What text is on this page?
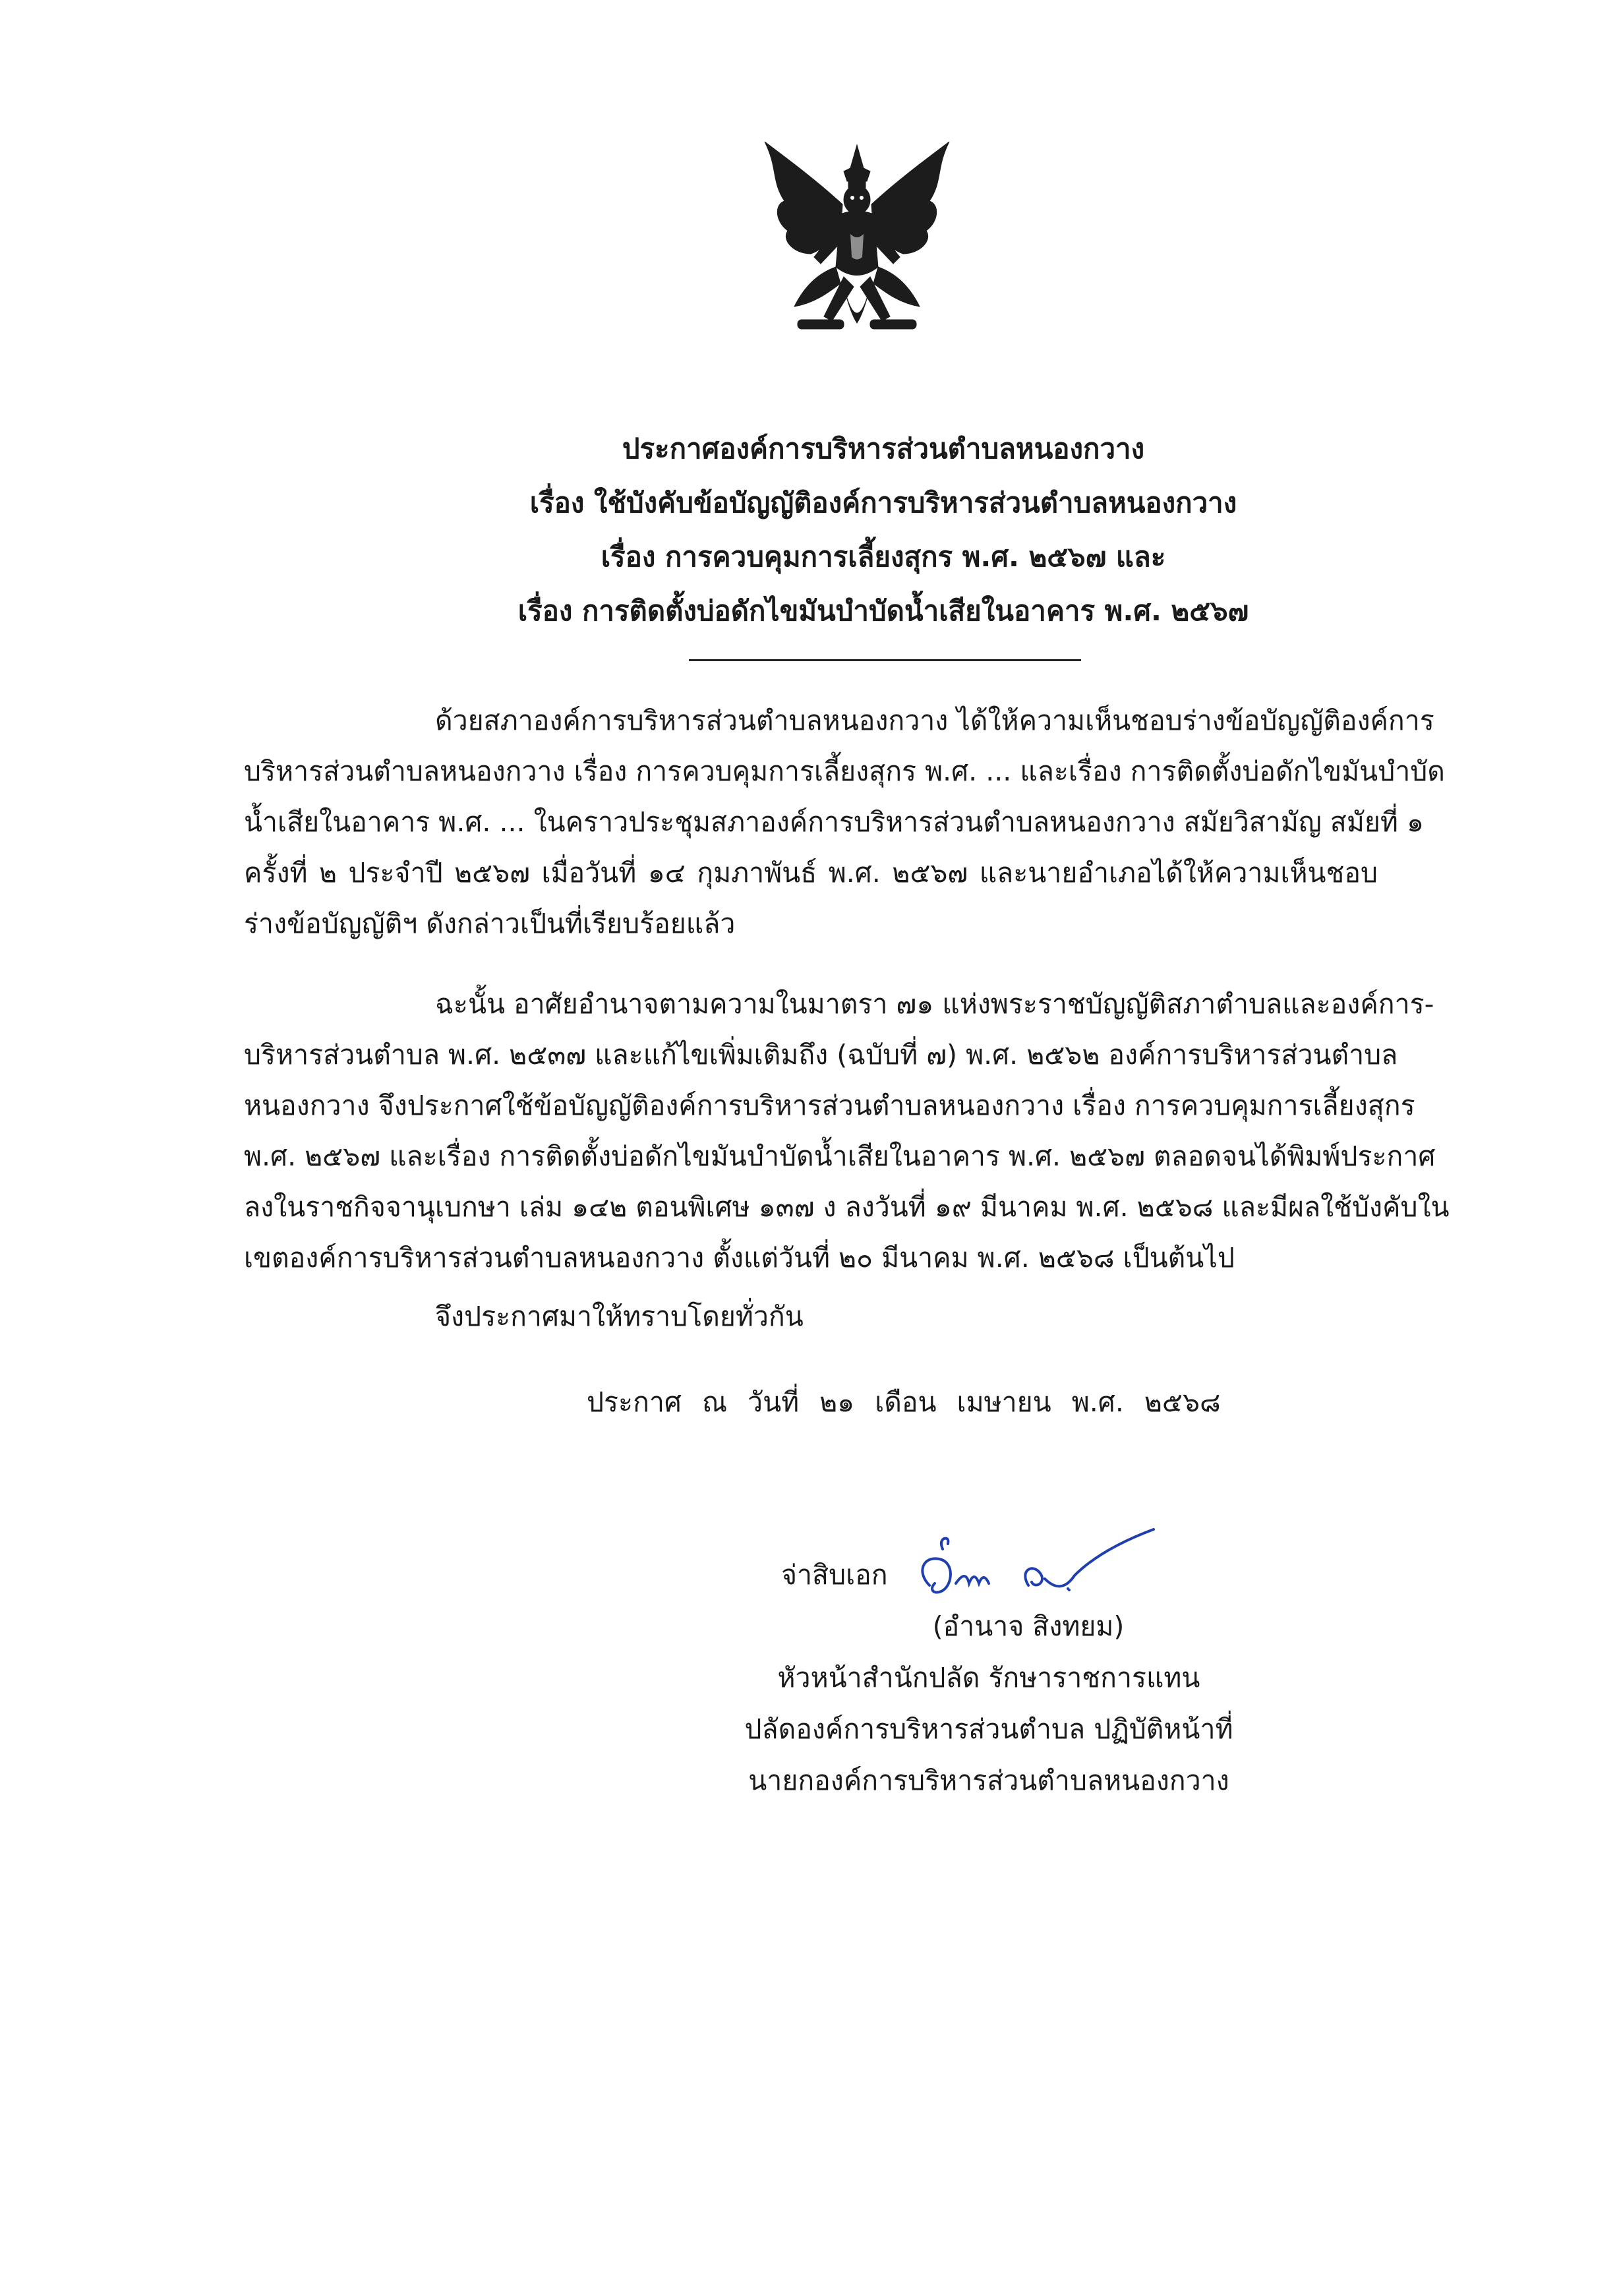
ประกาศองค์การบริหารส่วนตำบลหนองกวาง
เรื่อง ใช้บังคับข้อบัญญัติองค์การบริหารส่วนตำบลหนองกวาง
เรื่อง การควบคุมการเลี้ยงสุกร พ.ศ. ๒๕๖๗ และ
เรื่อง การติดตั้งบ่อดักไขมันบำบัดน้ำเสียในอาคาร พ.ศ. ๒๕๖๗
ด้วยสภาองค์การบริหารส่วนตำบลหนองกวาง ได้ให้ความเห็นชอบร่างข้อบัญญัติองค์การ
บริหารส่วนตำบลหนองกวาง เรื่อง การควบคุมการเลี้ยงสุกร พ.ศ. ... และเรื่อง การติดตั้งบ่อดักไขมันบำบัด
น้ำเสียในอาคาร พ.ศ. ... ในคราวประชุมสภาองค์การบริหารส่วนตำบลหนองกวาง สมัยวิสามัญ สมัยที่ ๑
ครั้งที่ ๒ ประจำปี ๒๕๖๗ เมื่อวันที่ ๑๔ กุมภาพันธ์ พ.ศ. ๒๕๖๗ และนายอำเภอได้ให้ความเห็นชอบ
ร่างข้อบัญญัติฯ ดังกล่าวเป็นที่เรียบร้อยแล้ว
ฉะนั้น อาศัยอำนาจตามความในมาตรา ๗๑ แห่งพระราชบัญญัติสภาตำบลและองค์การ-
บริหารส่วนตำบล พ.ศ. ๒๕๓๗ และแก้ไขเพิ่มเติมถึง (ฉบับที่ ๗) พ.ศ. ๒๕๖๒ องค์การบริหารส่วนตำบล
หนองกวาง จึงประกาศใช้ข้อบัญญัติองค์การบริหารส่วนตำบลหนองกวาง เรื่อง การควบคุมการเลี้ยงสุกร
พ.ศ. ๒๕๖๗ และเรื่อง การติดตั้งบ่อดักไขมันบำบัดน้ำเสียในอาคาร พ.ศ. ๒๕๖๗ ตลอดจนได้พิมพ์ประกาศ
ลงในราชกิจจานุเบกษา เล่ม ๑๔๒ ตอนพิเศษ ๑๓๗ ง ลงวันที่ ๑๙ มีนาคม พ.ศ. ๒๕๖๘ และมีผลใช้บังคับใน
เขตองค์การบริหารส่วนตำบลหนองกวาง ตั้งแต่วันที่ ๒๐ มีนาคม พ.ศ. ๒๕๖๘ เป็นต้นไป
จึงประกาศมาให้ทราบโดยทั่วกัน
ประกาศ ณ วันที่ ๒๑ เดือน เมษายน พ.ศ. ๒๕๖๘
จ่าสิบเอก
(อำนาจ สิงทยม)
หัวหน้าสำนักปลัด รักษาราชการแทน
ปลัดองค์การบริหารส่วนตำบล ปฏิบัติหน้าที่
นายกองค์การบริหารส่วนตำบลหนองกวาง
